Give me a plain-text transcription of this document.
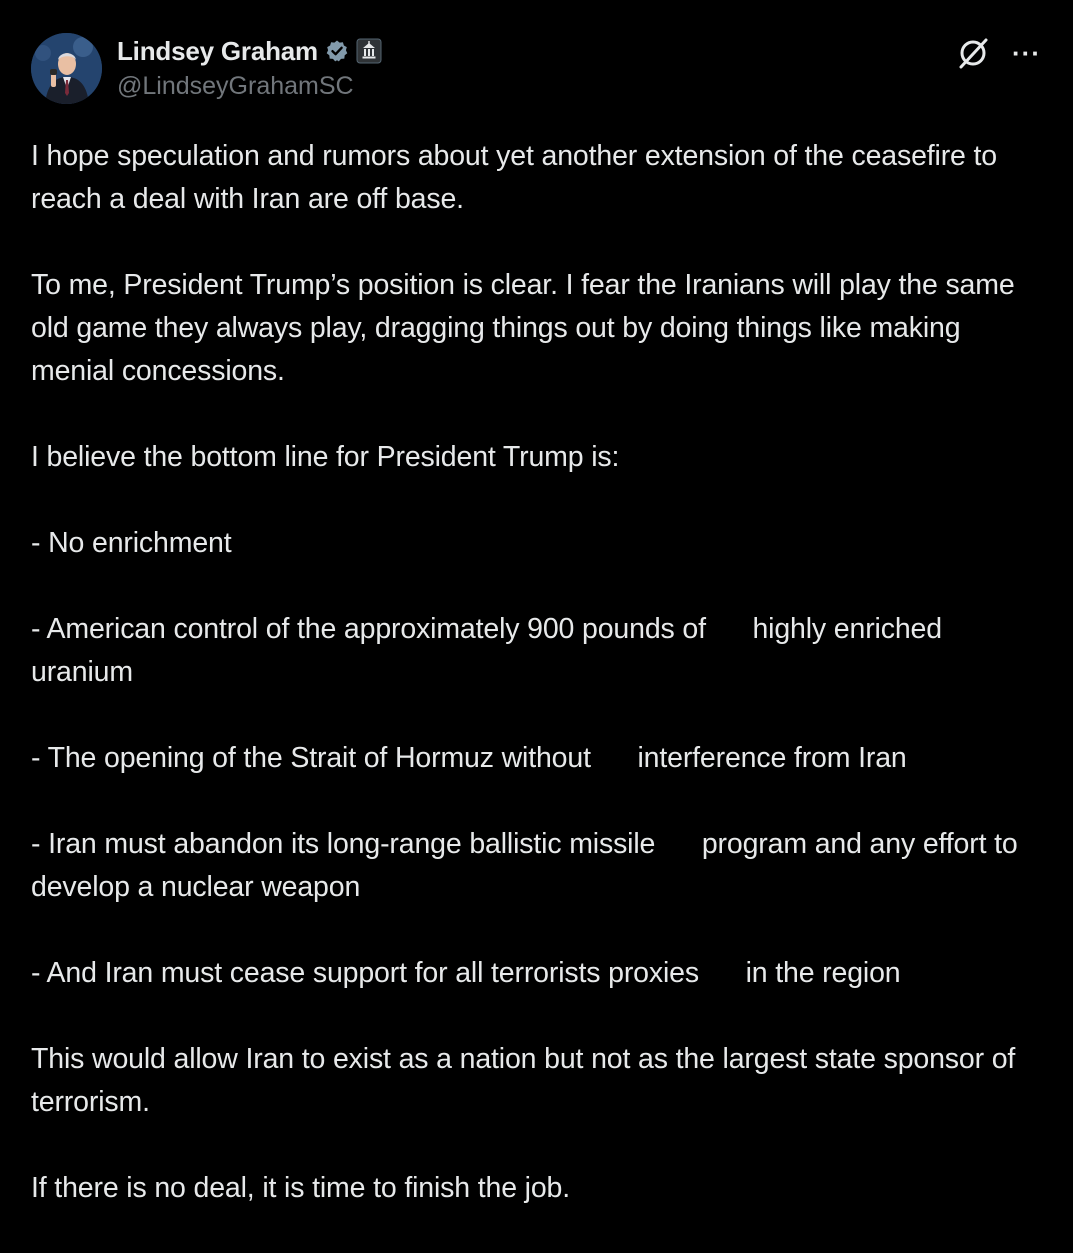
Lindsey Graham
@LindseyGrahamSC
···

I hope speculation and rumors about yet another extension of the ceasefire to reach a deal with Iran are off base.

To me, President Trump’s position is clear. I fear the Iranians will play the same old game they always play, dragging things out by doing things like making menial concessions.

I believe the bottom line for President Trump is:

- No enrichment

- American control of the approximately 900 pounds of      highly enriched uranium

- The opening of the Strait of Hormuz without      interference from Iran

- Iran must abandon its long-range ballistic missile      program and any effort to develop a nuclear weapon

- And Iran must cease support for all terrorists proxies      in the region

This would allow Iran to exist as a nation but not as the largest state sponsor of terrorism.

If there is no deal, it is time to finish the job.
